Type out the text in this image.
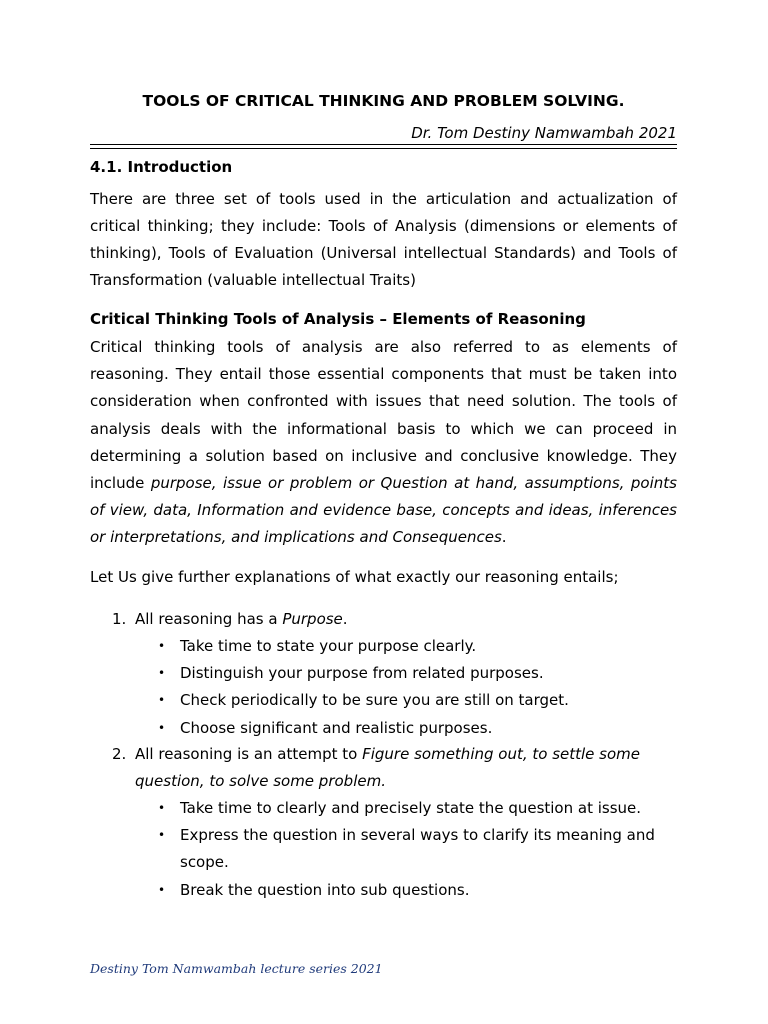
TOOLS OF CRITICAL THINKING AND PROBLEM SOLVING.

Dr. Tom Destiny Namwambah 2021

4.1. Introduction

There are three set of tools used in the articulation and actualization of critical thinking; they include: Tools of Analysis (dimensions or elements of thinking), Tools of Evaluation (Universal intellectual Standards) and Tools of Transformation (valuable intellectual Traits)

Critical Thinking Tools of Analysis – Elements of Reasoning

Critical thinking tools of analysis are also referred to as elements of reasoning. They entail those essential components that must be taken into consideration when confronted with issues that need solution. The tools of analysis deals with the informational basis to which we can proceed in determining a solution based on inclusive and conclusive knowledge. They include purpose, issue or problem or Question at hand, assumptions, points of view, data, Information and evidence base, concepts and ideas, inferences or interpretations, and implications and Consequences.

Let Us give further explanations of what exactly our reasoning entails;

1. All reasoning has a Purpose.
• Take time to state your purpose clearly.
• Distinguish your purpose from related purposes.
• Check periodically to be sure you are still on target.
• Choose significant and realistic purposes.
2. All reasoning is an attempt to Figure something out, to settle some question, to solve some problem.
• Take time to clearly and precisely state the question at issue.
• Express the question in several ways to clarify its meaning and scope.
• Break the question into sub questions.
Destiny Tom Namwambah lecture series 2021
